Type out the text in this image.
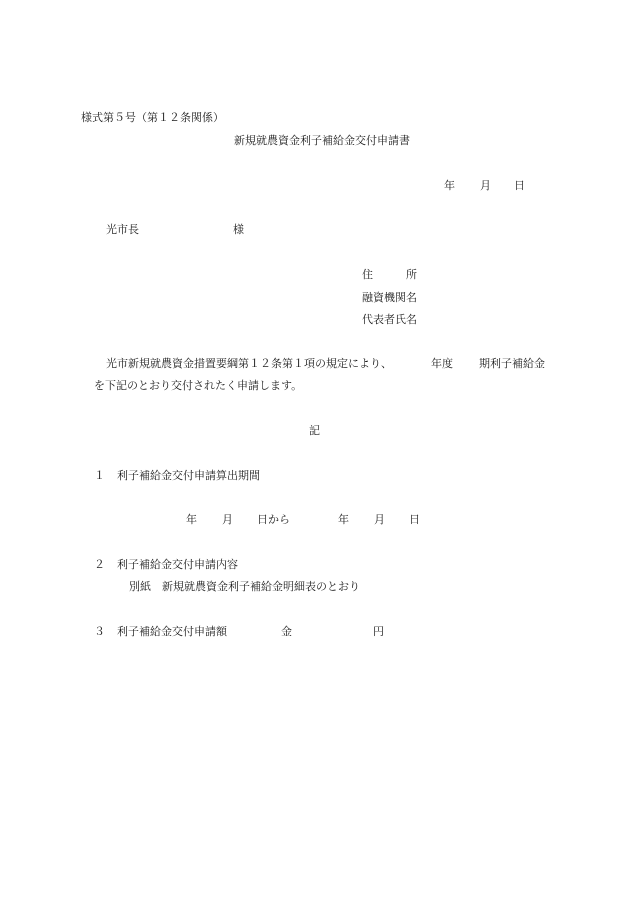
様式第５号（第１２条関係）
新規就農資金利子補給金交付申請書
年 月 日
光市長	様
住　　　所
融資機関名
代表者氏名
光市新規就農資金措置要綱第１２条第１項の規定により、	年度 期利子補給金
を下記のとおり交付されたく申請します。
記
１ 利子補給金交付申請算出期間
年 月 日から	年 月 日
２ 利子補給金交付申請内容
別紙　新規就農資金利子補給金明細表のとおり
３ 利子補給金交付申請額	金	円
